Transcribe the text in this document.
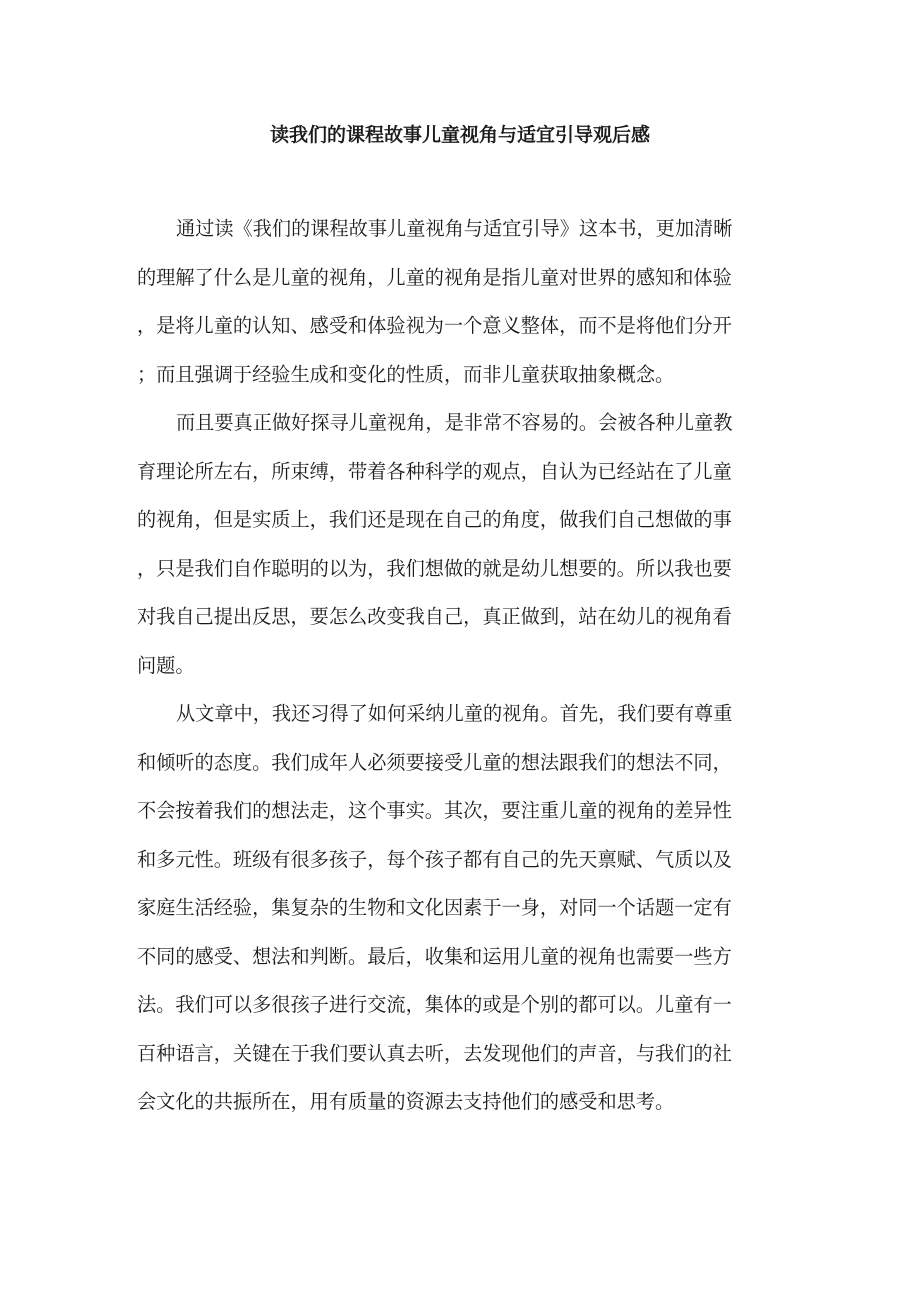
读我们的课程故事儿童视角与适宜引导观后感

通过读《我们的课程故事儿童视角与适宜引导》这本书，更加清晰
的理解了什么是儿童的视角，儿童的视角是指儿童对世界的感知和体验
，是将儿童的认知、感受和体验视为一个意义整体，而不是将他们分开
；而且强调于经验生成和变化的性质，而非儿童获取抽象概念。

而且要真正做好探寻儿童视角，是非常不容易的。会被各种儿童教
育理论所左右，所束缚，带着各种科学的观点，自认为已经站在了儿童
的视角，但是实质上，我们还是现在自己的角度，做我们自己想做的事
，只是我们自作聪明的以为，我们想做的就是幼儿想要的。所以我也要
对我自己提出反思，要怎么改变我自己，真正做到，站在幼儿的视角看
问题。

从文章中，我还习得了如何采纳儿童的视角。首先，我们要有尊重
和倾听的态度。我们成年人必须要接受儿童的想法跟我们的想法不同，
不会按着我们的想法走，这个事实。其次，要注重儿童的视角的差异性
和多元性。班级有很多孩子，每个孩子都有自己的先天禀赋、气质以及
家庭生活经验，集复杂的生物和文化因素于一身，对同一个话题一定有
不同的感受、想法和判断。最后，收集和运用儿童的视角也需要一些方
法。我们可以多很孩子进行交流，集体的或是个别的都可以。儿童有一
百种语言，关键在于我们要认真去听，去发现他们的声音，与我们的社
会文化的共振所在，用有质量的资源去支持他们的感受和思考。
